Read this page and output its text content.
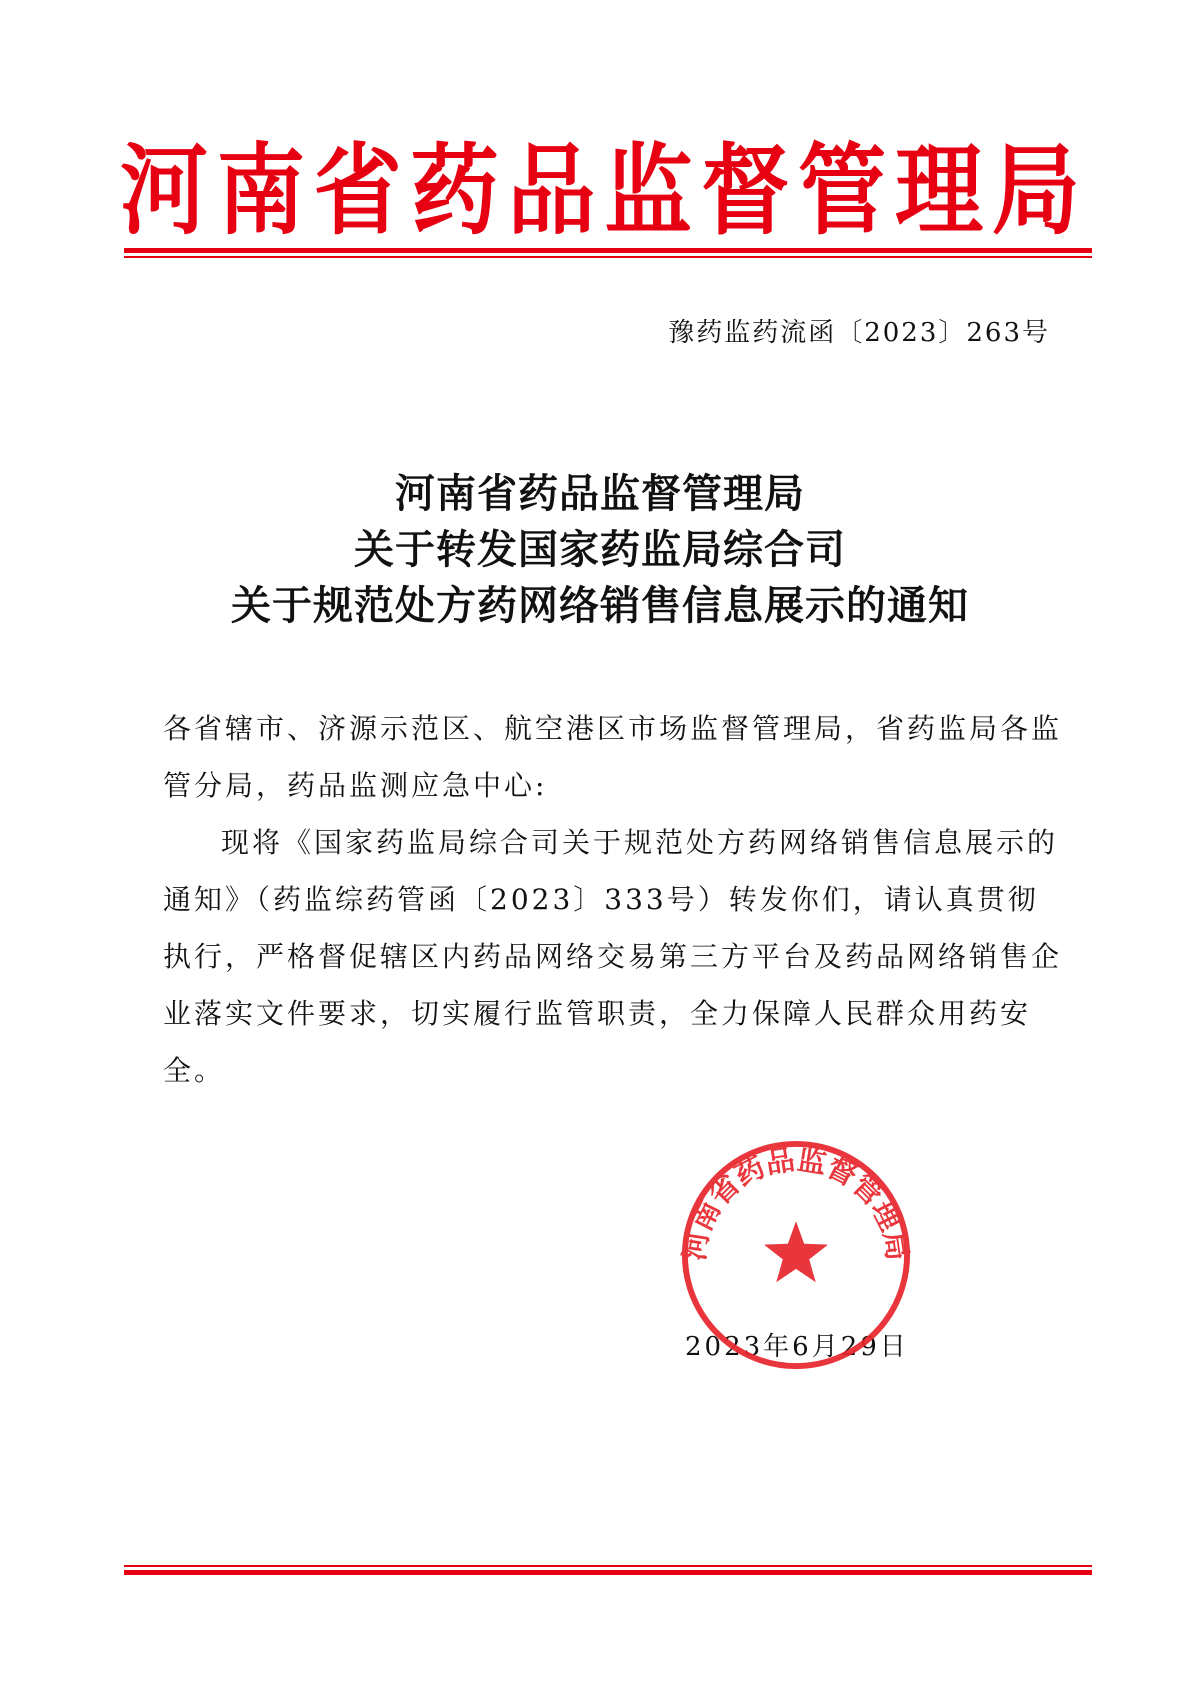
河 南 省 药 品 监 督 管 理 局
豫药监药流函〔2023〕263号
河南省药品监督管理局
关于转发国家药监局综合司
关于规范处方药网络销售信息展示的通知

各省辖市、济源示范区、航空港区市场监督管理局，省药监局各监管分局，药品监测应急中心:

现将《国家药监局综合司关于规范处方药网络销售信息展示的通知》（药监综药管函〔2023〕333号）转发你们，请认真贯彻执行，严格督促辖区内药品网络交易第三方平台及药品网络销售企业落实文件要求，切实履行监管职责，全力保障人民群众用药安全。

2023年6月29日
河南省药品监督管理局
